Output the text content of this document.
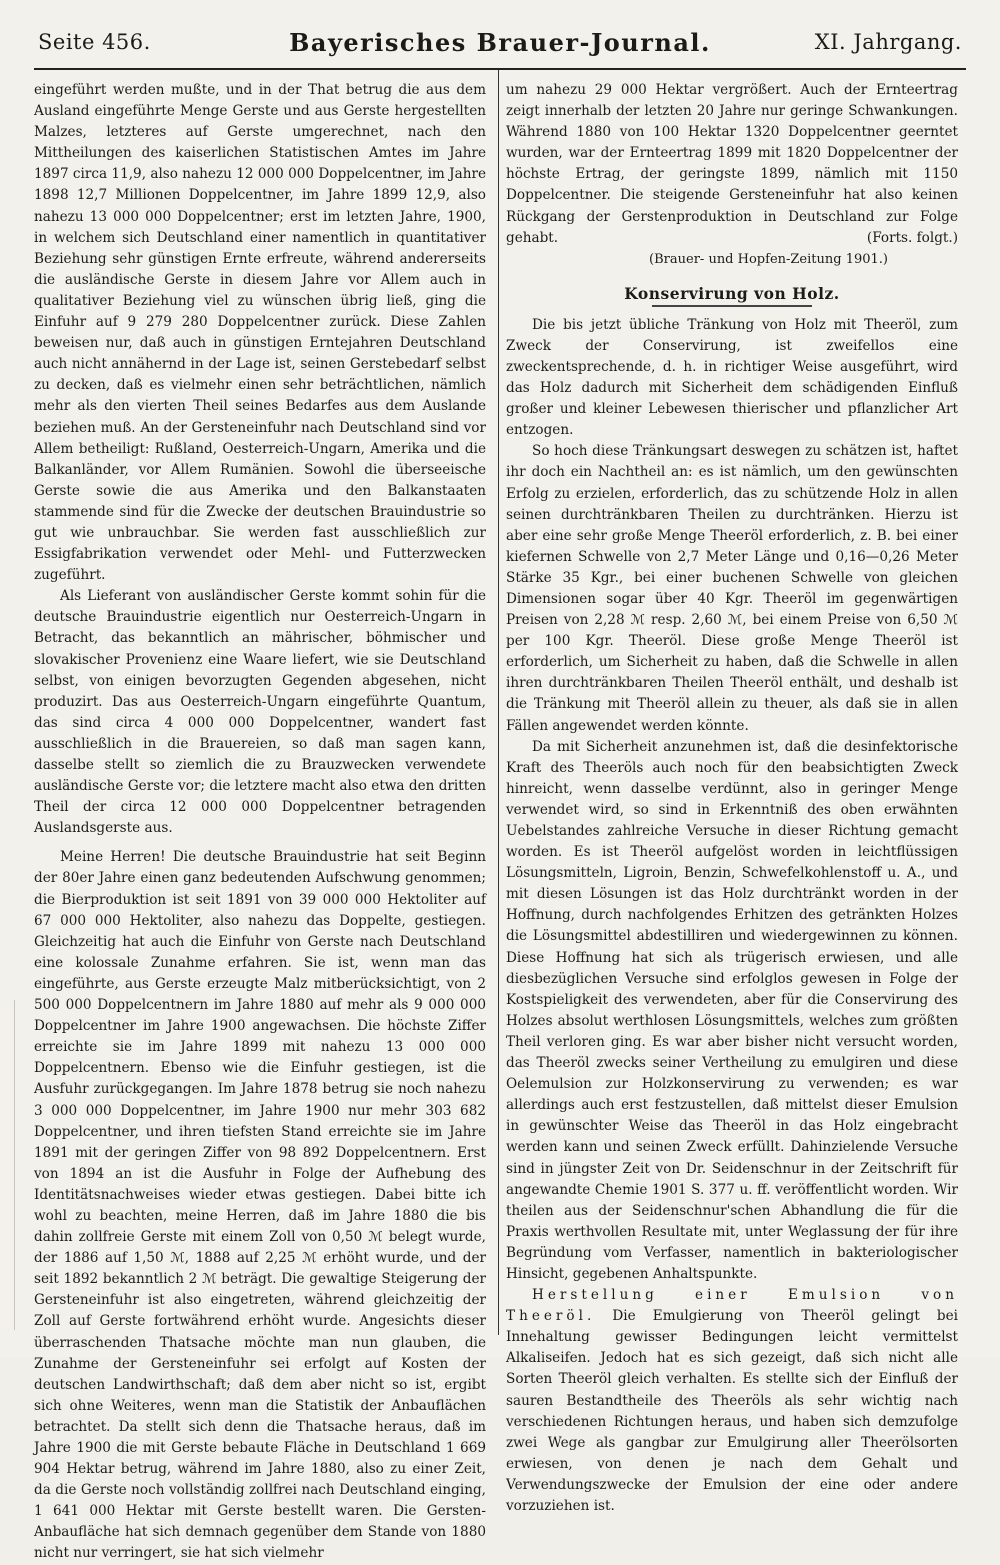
Seite 456.	Bayerisches Brauer-Journal.	XI. Jahrgang.

eingeführt werden mußte, und in der That betrug die aus dem Ausland eingeführte Menge Gerste und aus Gerste hergestellten Malzes, letzteres auf Gerste umgerechnet, nach den Mittheilungen des kaiserlichen Statistischen Amtes im Jahre 1897 circa 11,9, also nahezu 12 000 000 Doppelcentner, im Jahre 1898 12,7 Millionen Doppelcentner, im Jahre 1899 12,9, also nahezu 13 000 000 Doppelcentner; erst im letzten Jahre, 1900, in welchem sich Deutschland einer namentlich in quantitativer Beziehung sehr günstigen Ernte erfreute, während andererseits die ausländische Gerste in diesem Jahre vor Allem auch in qualitativer Beziehung viel zu wünschen übrig ließ, ging die Einfuhr auf 9 279 280 Doppelcentner zurück. Diese Zahlen beweisen nur, daß auch in günstigen Erntejahren Deutschland auch nicht annähernd in der Lage ist, seinen Gerstebedarf selbst zu decken, daß es vielmehr einen sehr beträchtlichen, nämlich mehr als den vierten Theil seines Bedarfes aus dem Auslande beziehen muß. An der Gersteneinfuhr nach Deutschland sind vor Allem betheiligt: Rußland, Oesterreich-Ungarn, Amerika und die Balkanländer, vor Allem Rumänien. Sowohl die überseeische Gerste sowie die aus Amerika und den Balkanstaaten stammende sind für die Zwecke der deutschen Brauindustrie so gut wie unbrauchbar. Sie werden fast ausschließlich zur Essigfabrikation verwendet oder Mehl- und Futterzwecken zugeführt.

Als Lieferant von ausländischer Gerste kommt sohin für die deutsche Brauindustrie eigentlich nur Oesterreich-Ungarn in Betracht, das bekanntlich an mährischer, böhmischer und slovakischer Provenienz eine Waare liefert, wie sie Deutschland selbst, von einigen bevorzugten Gegenden abgesehen, nicht produzirt. Das aus Oesterreich-Ungarn eingeführte Quantum, das sind circa 4 000 000 Doppelcentner, wandert fast ausschließlich in die Brauereien, so daß man sagen kann, dasselbe stellt so ziemlich die zu Brauzwecken verwendete ausländische Gerste vor; die letztere macht also etwa den dritten Theil der circa 12 000 000 Doppelcentner betragenden Auslandsgerste aus.

Meine Herren! Die deutsche Brauindustrie hat seit Beginn der 80er Jahre einen ganz bedeutenden Aufschwung genommen; die Bierproduktion ist seit 1891 von 39 000 000 Hektoliter auf 67 000 000 Hektoliter, also nahezu das Doppelte, gestiegen. Gleichzeitig hat auch die Einfuhr von Gerste nach Deutschland eine kolossale Zunahme erfahren. Sie ist, wenn man das eingeführte, aus Gerste erzeugte Malz mitberücksichtigt, von 2 500 000 Doppelcentnern im Jahre 1880 auf mehr als 9 000 000 Doppelcentner im Jahre 1900 angewachsen. Die höchste Ziffer erreichte sie im Jahre 1899 mit nahezu 13 000 000 Doppelcentnern. Ebenso wie die Einfuhr gestiegen, ist die Ausfuhr zurückgegangen. Im Jahre 1878 betrug sie noch nahezu 3 000 000 Doppelcentner, im Jahre 1900 nur mehr 303 682 Doppelcentner, und ihren tiefsten Stand erreichte sie im Jahre 1891 mit der geringen Ziffer von 98 892 Doppelcentnern. Erst von 1894 an ist die Ausfuhr in Folge der Aufhebung des Identitätsnachweises wieder etwas gestiegen. Dabei bitte ich wohl zu beachten, meine Herren, daß im Jahre 1880 die bis dahin zollfreie Gerste mit einem Zoll von 0,50 ℳ belegt wurde, der 1886 auf 1,50 ℳ, 1888 auf 2,25 ℳ erhöht wurde, und der seit 1892 bekanntlich 2 ℳ beträgt. Die gewaltige Steigerung der Gersteneinfuhr ist also eingetreten, während gleichzeitig der Zoll auf Gerste fortwährend erhöht wurde. Angesichts dieser überraschenden Thatsache möchte man nun glauben, die Zunahme der Gersteneinfuhr sei erfolgt auf Kosten der deutschen Landwirthschaft; daß dem aber nicht so ist, ergibt sich ohne Weiteres, wenn man die Statistik der Anbauflächen betrachtet. Da stellt sich denn die Thatsache heraus, daß im Jahre 1900 die mit Gerste bebaute Fläche in Deutschland 1 669 904 Hektar betrug, während im Jahre 1880, also zu einer Zeit, da die Gerste noch vollständig zollfrei nach Deutschland einging, 1 641 000 Hektar mit Gerste bestellt waren. Die Gersten-Anbaufläche hat sich demnach gegenüber dem Stande von 1880 nicht nur verringert, sie hat sich vielmehr

um nahezu 29 000 Hektar vergrößert. Auch der Ernteertrag zeigt innerhalb der letzten 20 Jahre nur geringe Schwankungen. Während 1880 von 100 Hektar 1320 Doppelcentner geerntet wurden, war der Ernteertrag 1899 mit 1820 Doppelcentner der höchste Ertrag, der geringste 1899, nämlich mit 1150 Doppelcentner. Die steigende Gersteneinfuhr hat also keinen Rückgang der Gerstenproduktion in Deutschland zur Folge gehabt.	(Forts. folgt.)

(Brauer- und Hopfen-Zeitung 1901.)
Konservirung von Holz.

Die bis jetzt übliche Tränkung von Holz mit Theeröl, zum Zweck der Conservirung, ist zweifellos eine zweckentsprechende, d. h. in richtiger Weise ausgeführt, wird das Holz dadurch mit Sicherheit dem schädigenden Einfluß großer und kleiner Lebewesen thierischer und pflanzlicher Art entzogen.

So hoch diese Tränkungsart deswegen zu schätzen ist, haftet ihr doch ein Nachtheil an: es ist nämlich, um den gewünschten Erfolg zu erzielen, erforderlich, das zu schützende Holz in allen seinen durchtränkbaren Theilen zu durchtränken. Hierzu ist aber eine sehr große Menge Theeröl erforderlich, z. B. bei einer kiefernen Schwelle von 2,7 Meter Länge und 0,16—0,26 Meter Stärke 35 Kgr., bei einer buchenen Schwelle von gleichen Dimensionen sogar über 40 Kgr. Theeröl im gegenwärtigen Preisen von 2,28 ℳ resp. 2,60 ℳ, bei einem Preise von 6,50 ℳ per 100 Kgr. Theeröl. Diese große Menge Theeröl ist erforderlich, um Sicherheit zu haben, daß die Schwelle in allen ihren durchtränkbaren Theilen Theeröl enthält, und deshalb ist die Tränkung mit Theeröl allein zu theuer, als daß sie in allen Fällen angewendet werden könnte.

Da mit Sicherheit anzunehmen ist, daß die desinfektorische Kraft des Theeröls auch noch für den beabsichtigten Zweck hinreicht, wenn dasselbe verdünnt, also in geringer Menge verwendet wird, so sind in Erkenntniß des oben erwähnten Uebelstandes zahlreiche Versuche in dieser Richtung gemacht worden. Es ist Theeröl aufgelöst worden in leichtflüssigen Lösungsmitteln, Ligroin, Benzin, Schwefelkohlenstoff u. A., und mit diesen Lösungen ist das Holz durchtränkt worden in der Hoffnung, durch nachfolgendes Erhitzen des getränkten Holzes die Lösungsmittel abdestilliren und wiedergewinnen zu können. Diese Hoffnung hat sich als trügerisch erwiesen, und alle diesbezüglichen Versuche sind erfolglos gewesen in Folge der Kostspieligkeit des verwendeten, aber für die Conservirung des Holzes absolut werthlosen Lösungsmittels, welches zum größten Theil verloren ging. Es war aber bisher nicht versucht worden, das Theeröl zwecks seiner Vertheilung zu emulgiren und diese Oelemulsion zur Holzkonservirung zu verwenden; es war allerdings auch erst festzustellen, daß mittelst dieser Emulsion in gewünschter Weise das Theeröl in das Holz eingebracht werden kann und seinen Zweck erfüllt. Dahinzielende Versuche sind in jüngster Zeit von Dr. Seidenschnur in der Zeitschrift für angewandte Chemie 1901 S. 377 u. ff. veröffentlicht worden. Wir theilen aus der Seidenschnur'schen Abhandlung die für die Praxis werthvollen Resultate mit, unter Weglassung der für ihre Begründung vom Verfasser, namentlich in bakteriologischer Hinsicht, gegebenen Anhaltspunkte.

Herstellung einer Emulsion von Theeröl. Die Emulgierung von Theeröl gelingt bei Innehaltung gewisser Bedingungen leicht vermittelst Alkaliseifen. Jedoch hat es sich gezeigt, daß sich nicht alle Sorten Theeröl gleich verhalten. Es stellte sich der Einfluß der sauren Bestandtheile des Theeröls als sehr wichtig nach verschiedenen Richtungen heraus, und haben sich demzufolge zwei Wege als gangbar zur Emulgirung aller Theerölsorten erwiesen, von denen je nach dem Gehalt und Verwendungszwecke der Emulsion der eine oder andere vorzuziehen ist.
